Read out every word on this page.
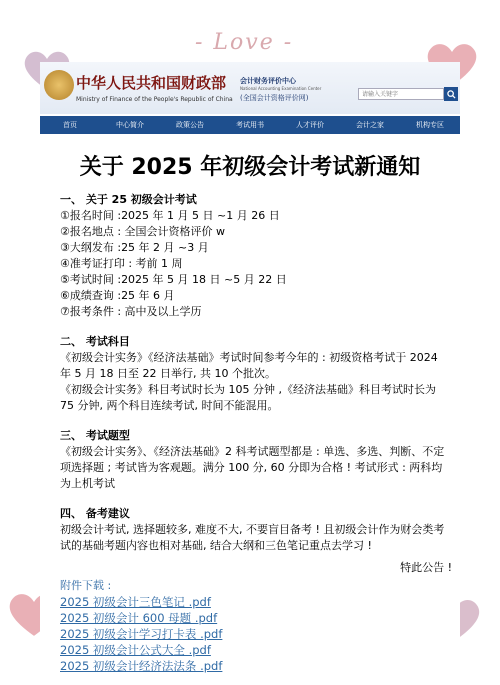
- Love -
中华人民共和国财政部
Ministry of Finance of the People's Republic of China
会计财务评价中心
National Accounting Examination Center
(全国会计资格评价网)	请输入关键字
首页	中心简介	政策公告	考试用书	人才评价	会计之家	机构专区
关于 2025 年初级会计考试新通知
一、 关于 25 初级会计考试
①报名时间 :2025 年 1 月 5 日 ~1 月 26 日
②报名地点 : 全国会计资格评价 w
③大纲发布 :25 年 2 月 ~3 月
④准考证打印 : 考前 1 周
⑤考试时间 :2025 年 5 月 18 日 ~5 月 22 日
⑥成绩查询 :25 年 6 月
⑦报考条件 : 高中及以上学历
二、 考试科目
《初级会计实务》《经济法基础》考试时间参考今年的 : 初级资格考试于 2024 年 5 月 18 日至 22 日举行, 共 10 个批次。
《初级会计实务》科目考试时长为 105 分钟 ,《经济法基础》科目考试时长为 75 分钟, 两个科目连续考试, 时间不能混用。
三、 考试题型
《初级会计实务》、《经济法基础》2 科考试题型都是 : 单选、多选、判断、不定项选择题 ; 考试皆为客观题。满分 100 分, 60 分即为合格 ! 考试形式 : 两科均为上机考试
四、 备考建议
初级会计考试, 选择题较多, 难度不大, 不要盲目备考 ! 且初级会计作为财会类考试的基础考题内容也相对基础, 结合大纲和三色笔记重点去学习 !
特此公告 !
附件下载 :
2025 初级会计三色笔记 .pdf
2025 初级会计 600 母题 .pdf
2025 初级会计学习打卡表 .pdf
2025 初级会计公式大全 .pdf
2025 初级会计经济法法条 .pdf
